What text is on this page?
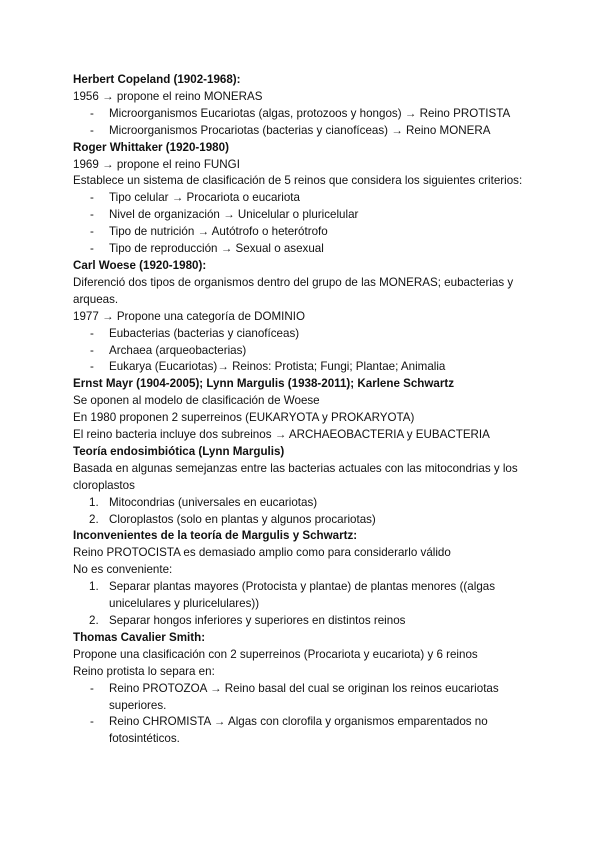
Herbert Copeland (1902-1968):

1956 → propone el reino MONERAS

- Microorganismos Eucariotas (algas, protozoos y hongos) → Reino PROTISTA
- Microorganismos Procariotas (bacterias y cianofíceas) → Reino MONERA

Roger Whittaker (1920-1980)

1969 → propone el reino FUNGI

Establece un sistema de clasificación de 5 reinos que considera los siguientes criterios:

- Tipo celular → Procariota o eucariota
- Nivel de organización → Unicelular o pluricelular
- Tipo de nutrición → Autótrofo o heterótrofo
- Tipo de reproducción → Sexual o asexual

Carl Woese (1920-1980):

Diferenció dos tipos de organismos dentro del grupo de las MONERAS; eubacterias y arqueas.

1977 → Propone una categoría de DOMINIO

- Eubacterias (bacterias y cianofíceas)
- Archaea (arqueobacterias)
- Eukarya (Eucariotas)→ Reinos: Protista; Fungi; Plantae; Animalia

Ernst Mayr (1904-2005); Lynn Margulis (1938-2011); Karlene Schwartz

Se oponen al modelo de clasificación de Woese

En 1980 proponen 2 superreinos (EUKARYOTA y PROKARYOTA)

El reino bacteria incluye dos subreinos → ARCHAEOBACTERIA y EUBACTERIA

Teoría endosimbiótica (Lynn Margulis)

Basada en algunas semejanzas entre las bacterias actuales con las mitocondrias y los cloroplastos

1. Mitocondrias (universales en eucariotas)
2. Cloroplastos (solo en plantas y algunos procariotas)

Inconvenientes de la teoría de Margulis y Schwartz:

Reino PROTOCISTA es demasiado amplio como para considerarlo válido

No es conveniente:

1. Separar plantas mayores (Protocista y plantae) de plantas menores ((algas unicelulares y pluricelulares))
2. Separar hongos inferiores y superiores en distintos reinos

Thomas Cavalier Smith:

Propone una clasificación con 2 superreinos (Procariota y eucariota) y 6 reinos

Reino protista lo separa en:

- Reino PROTOZOA → Reino basal del cual se originan los reinos eucariotas superiores.
- Reino CHROMISTA → Algas con clorofila y organismos emparentados no fotosintéticos.
